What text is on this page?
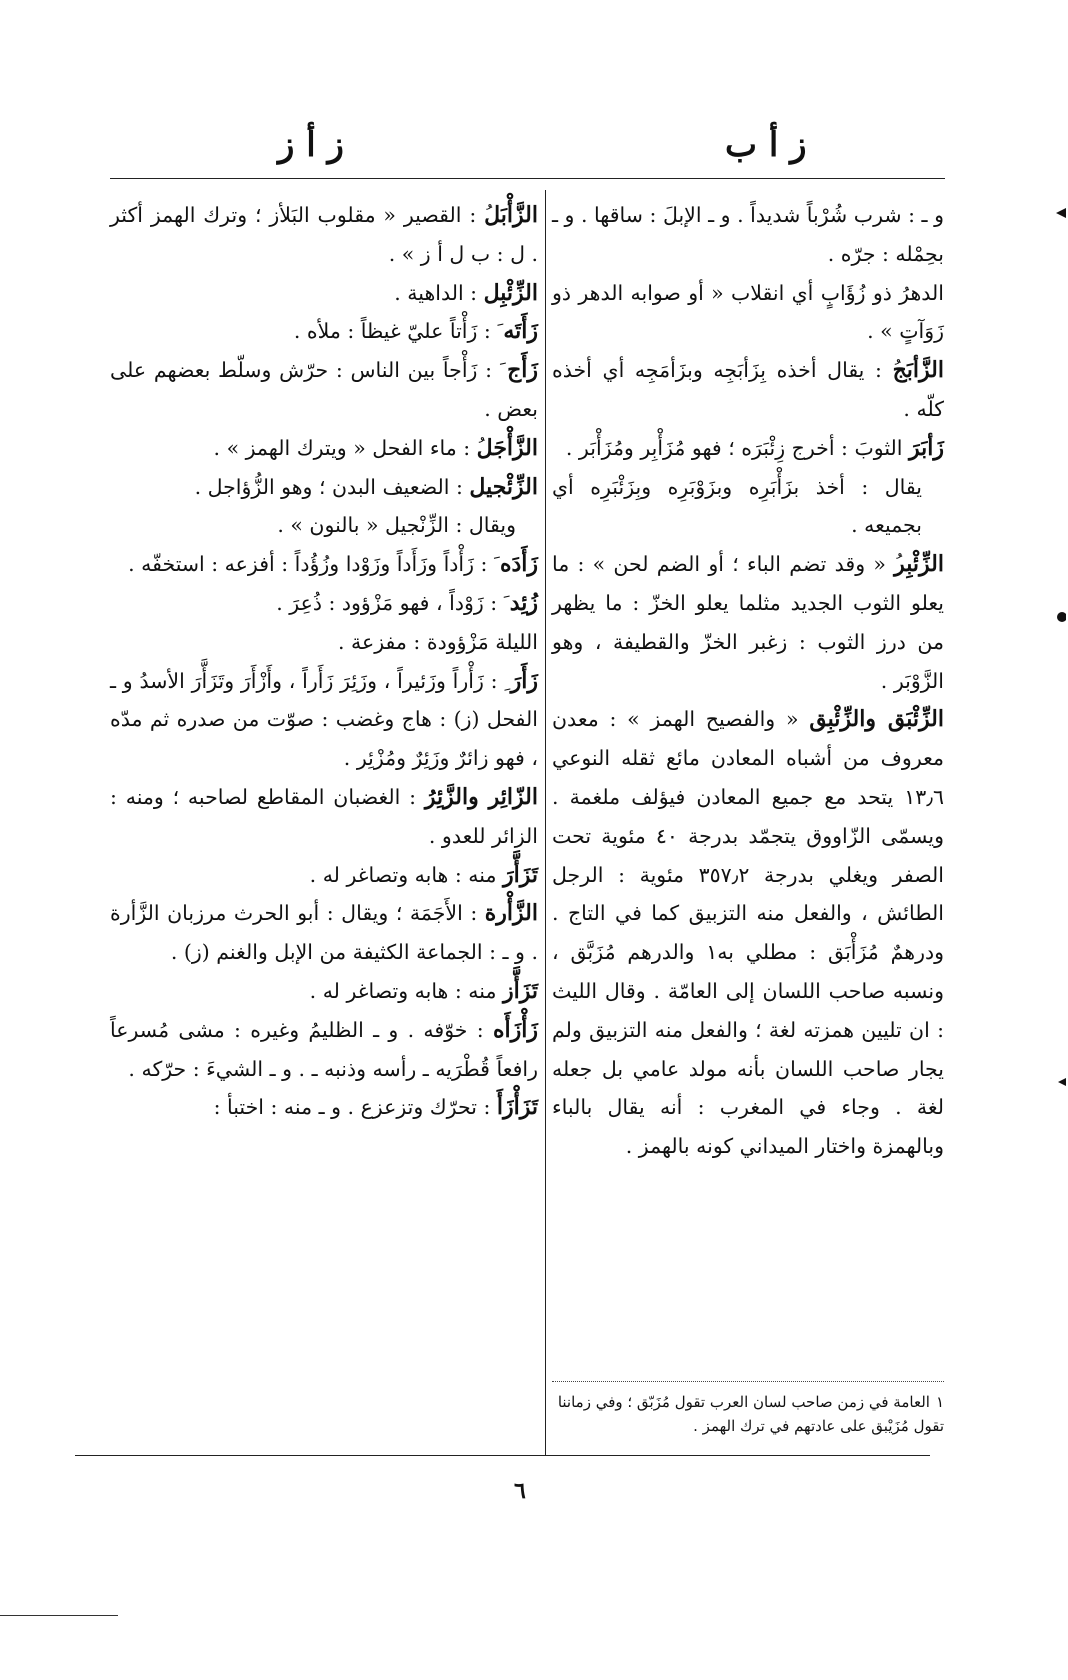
ز أ ب
ز أ ز

و ـ : شرب شُرْباً شديداً . و ـ الإبلَ : ساقها . و ـ بحِمْله : جرّه .

الدهرُ ذو زُؤَابٍ أي انقلاب « أو صوابه الدهر ذو زَوَآتٍ » .

الزَّأبَجُ : يقال أخذه بِزَأبَجِه وبزَأمَجِه أي أخذه كلّه .

زَأبَرَ الثوبَ : أخرج زِئْبَرَه ؛ فهو مُزَأْبِر ومُزَأْبَر .

يقال : أخذ بزَأْبَرِه وبزَوْبَرِه وبِزَئْبَرِه أي بجميعه .

الزِّئْبِرُ « وقد تضم الباء ؛ أو الضم لحن » : ما يعلو الثوب الجديد مثلما يعلو الخزّ : ما يظهر من درز الثوب : زغبر الخزّ والقطيفة ، وهو الزَّوْبَر .

الزِّئْبَق والزِّئْبِق « والفصيح الهمز » : معدن معروف من أشباه المعادن مائع ثقله النوعي ١٣٫٦ يتحد مع جميع المعادن فيؤلف ملغمة . ويسمّى الزّاووق يتجمّد بدرجة ٤٠ مئوية تحت الصفر ويغلي بدرجة ٣٥٧٫٢ مئوية : الرجل الطائش ، والفعل منه التزبيق كما في التاج . ودرهمٌ مُزَأْبَق : مطلي به١ والدرهم مُزَبَّق ، ونسبه صاحب اللسان إلى العامّة . وقال الليث : ان تليين همزته لغة ؛ والفعل منه التزبيق ولم يجار صاحب اللسان بأنه مولد عامي بل جعله لغة . وجاء في المغرب : أنه يقال بالباء وبالهمزة واختار الميداني كونه بالهمز .

الزَّأْبَلُ : القصير « مقلوب البَلأز ؛ وترك الهمز أكثر . ل : ب ل أ ز » .

الزِّئْبِل : الداهية .

زَأَتَه َ : زَأْتاً عليّ غيظاً : ملأه .

زَأَج َ : زَأْجاً بين الناس : حرّش وسلّط بعضهم على بعض .

الزَّأْجَلُ : ماء الفحل « ويترك الهمز » .

الزِّئْجيل : الضعيف البدن ؛ وهو الزُّؤاجل .

ويقال : الزِّنْجيل « بالنون » .

زَأَدَه َ : زَأْداً وزَأَداً وزَوْدا وزُؤُداً : أفزعه : استخفّه .

زُئِد َ : زَوْداً ، فهو مَزْؤود : ذُعِرَ .

الليلة مَزْؤودة : مفزعة .

زَأَرَ ِ : زَأْراً وزَئيراً ، وزَئِرَ زَأَراً ، وأَزْأَرَ وتَزَأَّرَ الأسدُ و ـ الفحل (ز) : هاج وغضب : صوّت من صدره ثم مدّه ، فهو زائرٌ وزَئِرٌ ومُزْئِر .

الزّائِر والزَّئِرُ : الغضبان المقاطع لصاحبه ؛ ومنه : الزائر للعدو .

تَزَأَّرَ منه : هابه وتصاغر له .

الزَّأْرة : الأَجَمَة ؛ ويقال : أبو الحرث مرزبان الزَّأرة . و ـ : الجماعة الكثيفة من الإبل والغنم (ز) .

تَزَأَّز منه : هابه وتصاغر له .

زَأْزَأَه : خوّفه . و ـ الظليمُ وغيره : مشى مُسرعاً رافعاً قُطْرَيه ـ رأسه وذنبه ـ . و ـ الشيءَ : حرّكه .

تَزَأْزَأَ : تحرّك وتزعزع . و ـ منه : اختبأ :

١العامة في زمن صاحب لسان العرب تقول مُزَبّق ؛ وفي زماننا تقول مُزَيْبق على عادتهم في ترك الهمز .
٦
